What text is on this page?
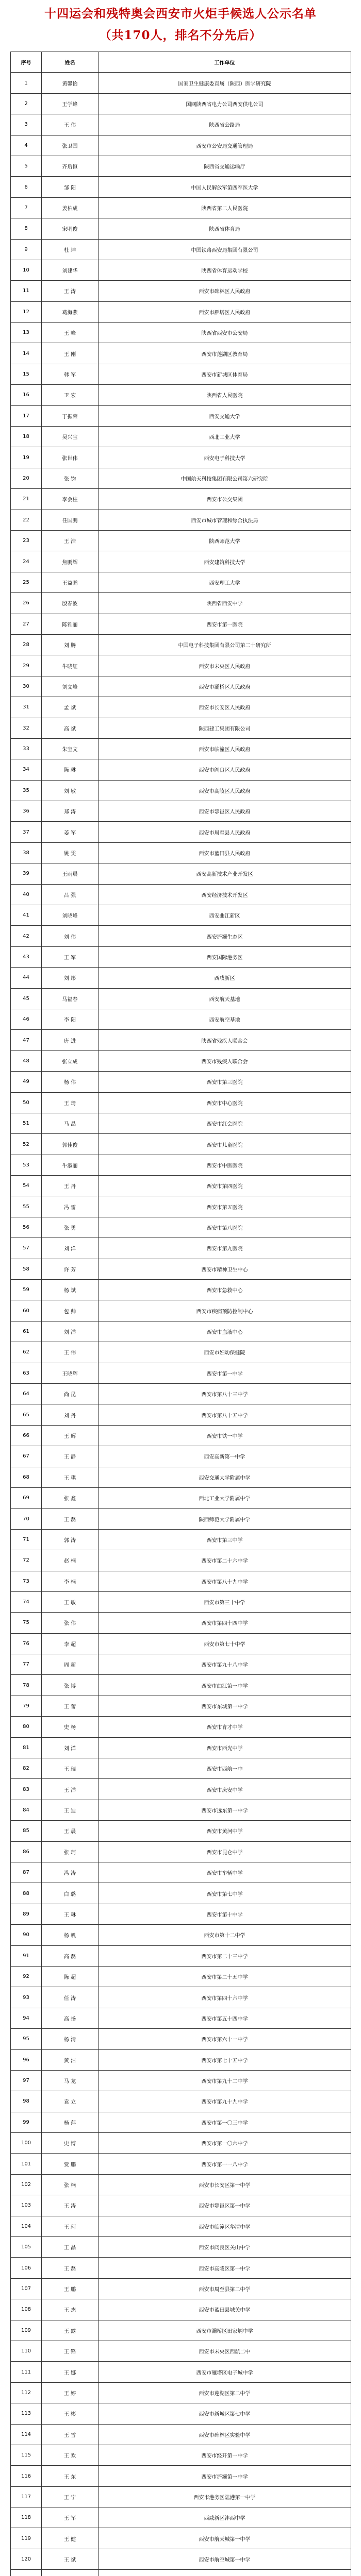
十四运会和残特奥会西安市火炬手候选人公示名单
（共170人，排名不分先后）
序号	姓名	工作单位
1	黄馨怡	国家卫生健康委直属（陕西）医学研究院
2	王学峰	国网陕西省电力公司西安供电公司
3	王 伟	陕西省公路局
4	张卫国	西安市公安局交通管理局
5	齐后恒	陕西省交通运输厅
6	邹 阳	中国人民解放军第四军医大学
7	姜柏成	陕西省第二人民医院
8	宋明俊	陕西省体育局
9	杜 坤	中国铁路西安局集团有限公司
10	刘建华	陕西省体育运动学校
11	王 涛	西安市碑林区人民政府
12	葛海燕	西安市雁塔区人民政府
13	王 峰	陕西省西安市公安局
14	王 刚	西安市莲湖区教育局
15	韩 军	西安市新城区体育局
16	卫 宏	陕西省人民医院
17	丁振荣	西安交通大学
18	吴兴宝	西北工业大学
19	张世伟	西安电子科技大学
20	张 钧	中国航天科技集团有限公司第六研究院
21	李会柱	西安市公交集团
22	任国鹏	西安市城市管理和综合执法局
23	王 浩	陕西师范大学
24	焦鹏辉	西安建筑科技大学
25	王益鹏	西安理工大学
26	殷春波	陕西省西安中学
27	陈雅丽	西安市第一医院
28	刘 腾	中国电子科技集团有限公司第二十研究所
29	牛晓红	西安市未央区人民政府
30	刘文峰	西安市灞桥区人民政府
31	孟 斌	西安市长安区人民政府
32	高 斌	陕西建工集团有限公司
33	朱宝文	西安市临潼区人民政府
34	陈 琳	西安市阎良区人民政府
35	刘 敏	西安市高陵区人民政府
36	郑 涛	西安市鄠邑区人民政府
37	姜 军	西安市周至县人民政府
38	姚 雯	西安市蓝田县人民政府
39	王雨晨	西安高新技术产业开发区
40	吕 强	西安经济技术开发区
41	刘晓峰	西安曲江新区
42	刘 伟	西安浐灞生态区
43	王 军	西安国际港务区
44	刘 彤	西咸新区
45	马福春	西安航天基地
46	李 阳	西安航空基地
47	唐 进	陕西省残疾人联合会
48	张立成	西安市残疾人联合会
49	杨 伟	西安市第三医院
50	王 琦	西安市中心医院
51	马 晶	西安市红会医院
52	郭佳俊	西安市儿童医院
53	牛淑丽	西安市中医医院
54	王 丹	西安市第四医院
55	冯 雷	西安市第五医院
56	张 勇	西安市第八医院
57	刘 洋	西安市第九医院
58	许 芳	西安市精神卫生中心
59	杨 斌	西安市急救中心
60	包 帅	西安市疾病预防控制中心
61	刘 洋	西安市血液中心
62	王 伟	西安市妇幼保健院
63	王晓辉	西安市第一中学
64	尚 昆	西安市第八十三中学
65	刘 丹	西安市第八十五中学
66	王 辉	西安市铁一中学
67	王 静	西安高新第一中学
68	王 琪	西安交通大学附属中学
69	张 鑫	西北工业大学附属中学
70	王 磊	陕西师范大学附属中学
71	郭 涛	西安市第三中学
72	赵 楠	西安市第二十六中学
73	李 楠	西安市第八十九中学
74	王 敏	西安市第三十中学
75	张 伟	西安市第四十四中学
76	李 超	西安市第七十中学
77	周 新	西安市第九十八中学
78	张 博	西安市曲江第一中学
79	王 蕾	西安市东城第一中学
80	史 杨	西安市育才中学
81	刘 洋	西安市西光中学
82	王 瑞	西安市西航一中
83	王 洋	西安市庆安中学
84	王 迪	西安市远东第一中学
85	王 晨	西安市黄河中学
86	张 珂	西安市昆仑中学
87	冯 涛	西安市车辆中学
88	白 璐	西安市第七中学
89	王 琳	西安市第十中学
90	杨 帆	西安市第十二中学
91	高 磊	西安市第二十三中学
92	陈 超	西安市第二十五中学
93	任 涛	西安市第四十六中学
94	高 扬	西安市第五十四中学
95	杨 清	西安市第六十一中学
96	黄 洁	西安市第七十五中学
97	马 龙	西安市第九十二中学
98	袁 立	西安市第九十九中学
99	杨 萍	西安市第一〇三中学
100	史 博	西安市第一〇六中学
101	贾 鹏	西安市第一一八中学
102	张 楠	西安市长安区第一中学
103	王 涛	西安市鄠邑区第一中学
104	王 珂	西安市临潼区华清中学
105	王 晶	西安市阎良区关山中学
106	王 磊	西安市高陵区第一中学
107	王 鹏	西安市周至县第二中学
108	王 杰	西安市蓝田县城关中学
109	王 露	西安市灞桥区田家炳中学
110	王 锋	西安市未央区西航二中
111	王 娜	西安市雁塔区电子城中学
112	王 婷	西安市莲湖区第二中学
113	王 彬	西安市新城区第七中学
114	王 雪	西安市碑林区实验中学
115	王 欢	西安市经开第一中学
116	王 东	西安市浐灞第一中学
117	王 宁	西安市港务区陆港第一中学
118	王 军	西咸新区沣西中学
119	王 健	西安市航天城第一中学
120	王 斌	西安市航空城第一中学
